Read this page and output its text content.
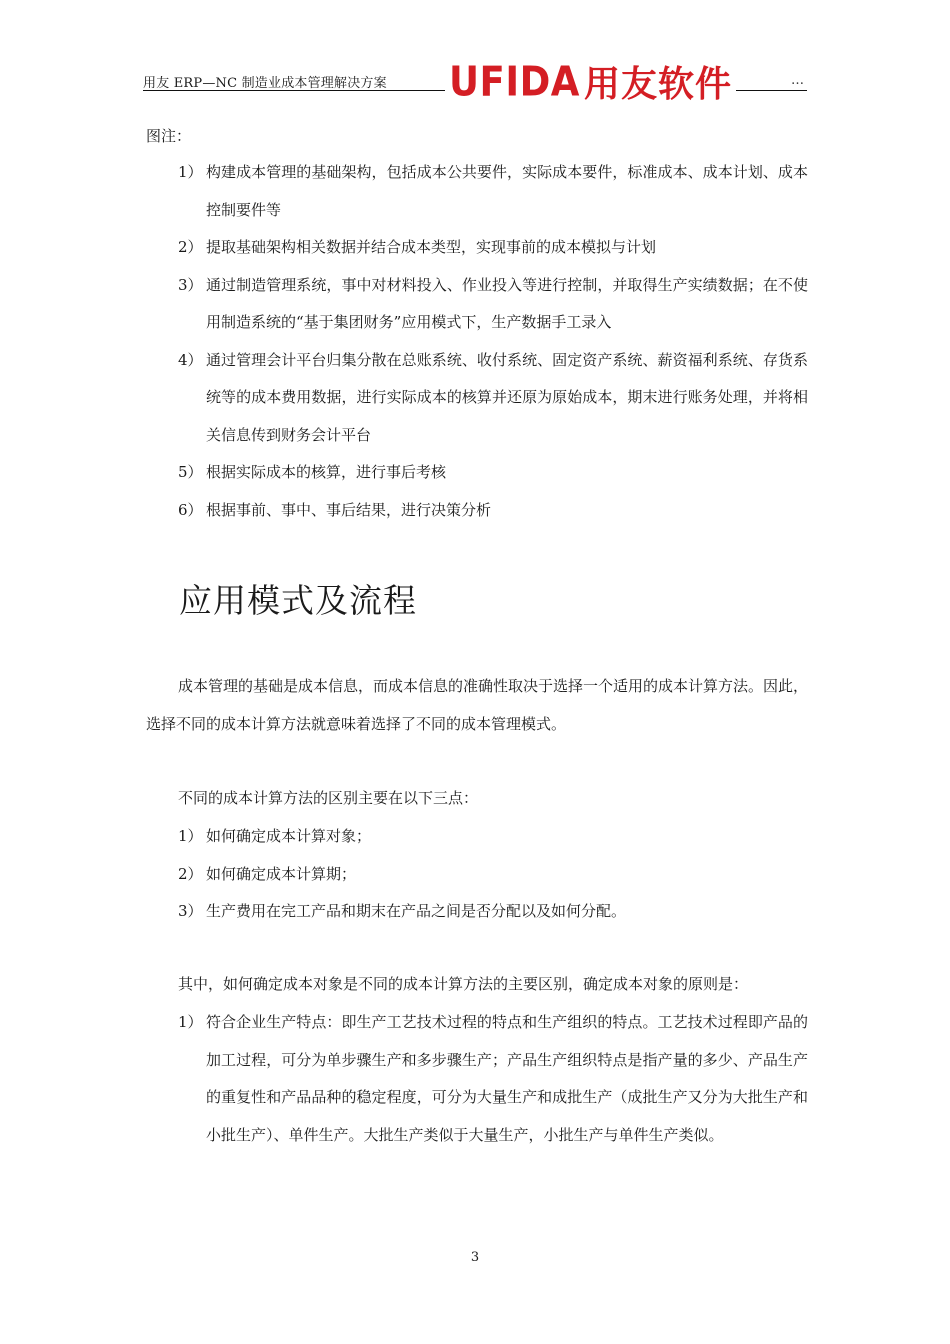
用友 ERP—NC 制造业成本管理解决方案	…
UFIDA 用友软件
图注：
1） 构建成本管理的基础架构，包括成本公共要件，实际成本要件，标准成本、成本计划、成本控制要件等
2） 提取基础架构相关数据并结合成本类型，实现事前的成本模拟与计划
3） 通过制造管理系统，事中对材料投入、作业投入等进行控制，并取得生产实绩数据；在不使用制造系统的“基于集团财务”应用模式下，生产数据手工录入
4） 通过管理会计平台归集分散在总账系统、收付系统、固定资产系统、薪资福利系统、存货系统等的成本费用数据，进行实际成本的核算并还原为原始成本，期末进行账务处理，并将相关信息传到财务会计平台
5） 根据实际成本的核算，进行事后考核
6） 根据事前、事中、事后结果，进行决策分析
应用模式及流程

成本管理的基础是成本信息，而成本信息的准确性取决于选择一个适用的成本计算方法。因此，选择不同的成本计算方法就意味着选择了不同的成本管理模式。

不同的成本计算方法的区别主要在以下三点：

1） 如何确定成本计算对象；
2） 如何确定成本计算期；
3） 生产费用在完工产品和期末在产品之间是否分配以及如何分配。

其中，如何确定成本对象是不同的成本计算方法的主要区别，确定成本对象的原则是：

1） 符合企业生产特点：即生产工艺技术过程的特点和生产组织的特点。工艺技术过程即产品的加工过程，可分为单步骤生产和多步骤生产；产品生产组织特点是指产量的多少、产品生产的重复性和产品品种的稳定程度，可分为大量生产和成批生产（成批生产又分为大批生产和小批生产）、单件生产。大批生产类似于大量生产，小批生产与单件生产类似。
3
